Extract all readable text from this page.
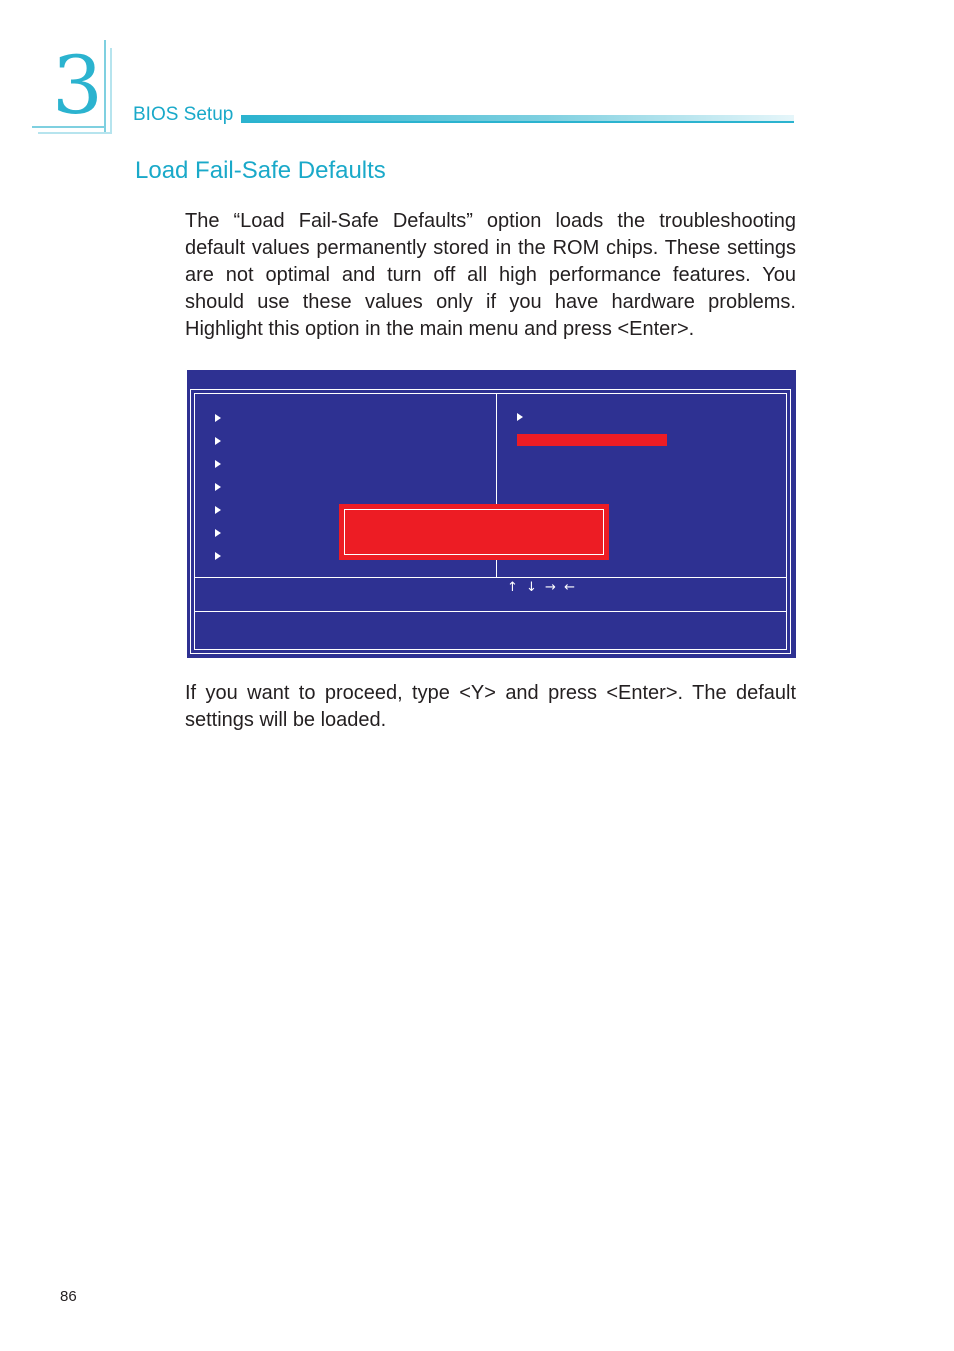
3 BIOS Setup
Load Fail-Safe Defaults

The “Load Fail-Safe Defaults” option loads the troubleshooting default values permanently stored in the ROM chips. These settings are not optimal and turn off all high performance features. You should use these values only if you have hardware problems. Highlight this option in the main menu and press <Enter>.

↑ ↓ → ←

If you want to proceed, type <Y> and press <Enter>. The default settings will be loaded.

86
